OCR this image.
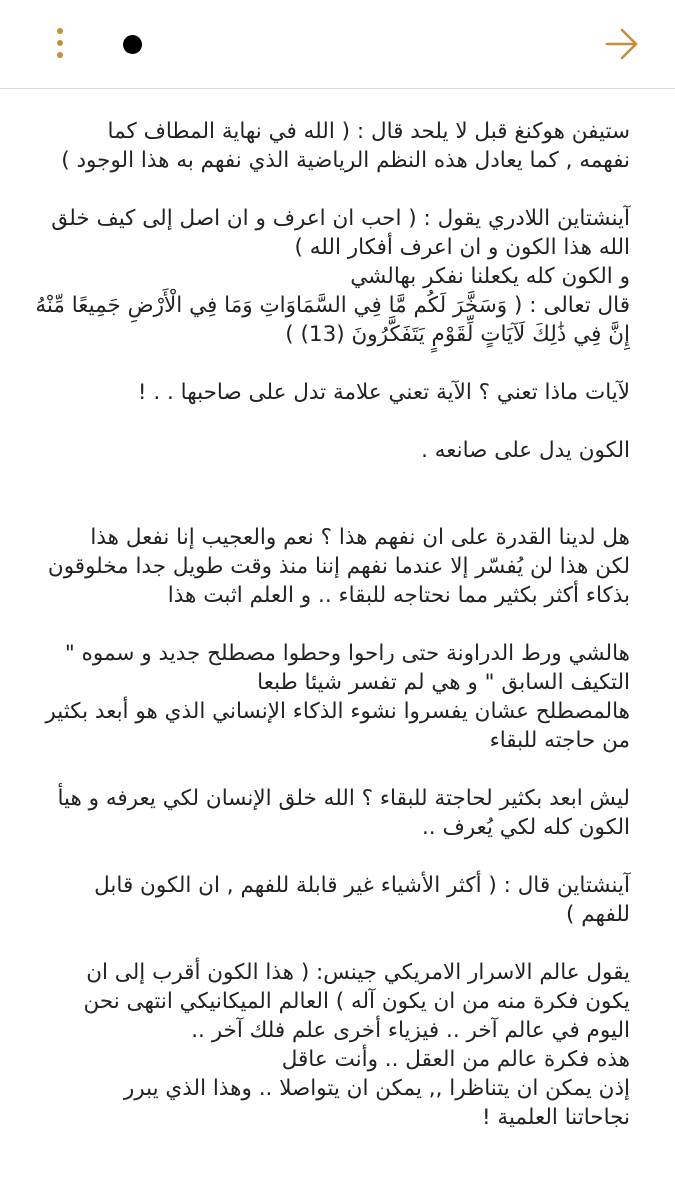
ستيفن هوكنغ قبل لا يلحد قال : ( الله في نهاية المطاف كما
نفهمه , كما يعادل هذه النظم الرياضية الذي نفهم به هذا الوجود )
آينشتاين اللادري يقول : ( احب ان اعرف و ان اصل إلى كيف خلق
الله هذا الكون و ان اعرف أفكار الله )
و الكون كله يكعلنا نفكر بهالشي
قال تعالى : ( وَسَخَّرَ لَكُم مَّا فِي السَّمَاوَاتِ وَمَا فِي الْأَرْضِ جَمِيعًا مِّنْهُ
إِنَّ فِي ذَٰلِكَ لَآيَاتٍ لِّقَوْمٍ يَتَفَكَّرُونَ (13) )
لآيات ماذا تعني ؟ الآية تعني علامة تدل على صاحبها . . !
الكون يدل على صانعه .
هل لدينا القدرة على ان نفهم هذا ؟ نعم والعجيب إنا نفعل هذا
لكن هذا لن يُفسّر إلا عندما نفهم إننا منذ وقت طويل جدا مخلوقون
بذكاء أكثر بكثير مما نحتاجه للبقاء .. و العلم اثبت هذا
هالشي ورط الدراونة حتى راحوا وحطوا مصطلح جديد و سموه "
التكيف السابق " و هي لم تفسر شيئا طبعا
هالمصطلح عشان يفسروا نشوء الذكاء الإنساني الذي هو أبعد بكثير
من حاجته للبقاء
ليش ابعد بكثير لحاجتة للبقاء ؟ الله خلق الإنسان لكي يعرفه و هيأ
الكون كله لكي يُعرف ..
آينشتاين قال : ( أكثر الأشياء غير قابلة للفهم , ان الكون قابل
للفهم )
يقول عالم الاسرار الامريكي جينس: ( هذا الكون أقرب إلى ان
يكون فكرة منه من ان يكون آله ) العالم الميكانيكي انتهى نحن
اليوم في عالم آخر .. فيزياء أخرى علم فلك آخر ..
هذه فكرة عالم من العقل .. وأنت عاقل
إذن يمكن ان يتناظرا ,, يمكن ان يتواصلا .. وهذا الذي يبرر
نجاحاتنا العلمية !
